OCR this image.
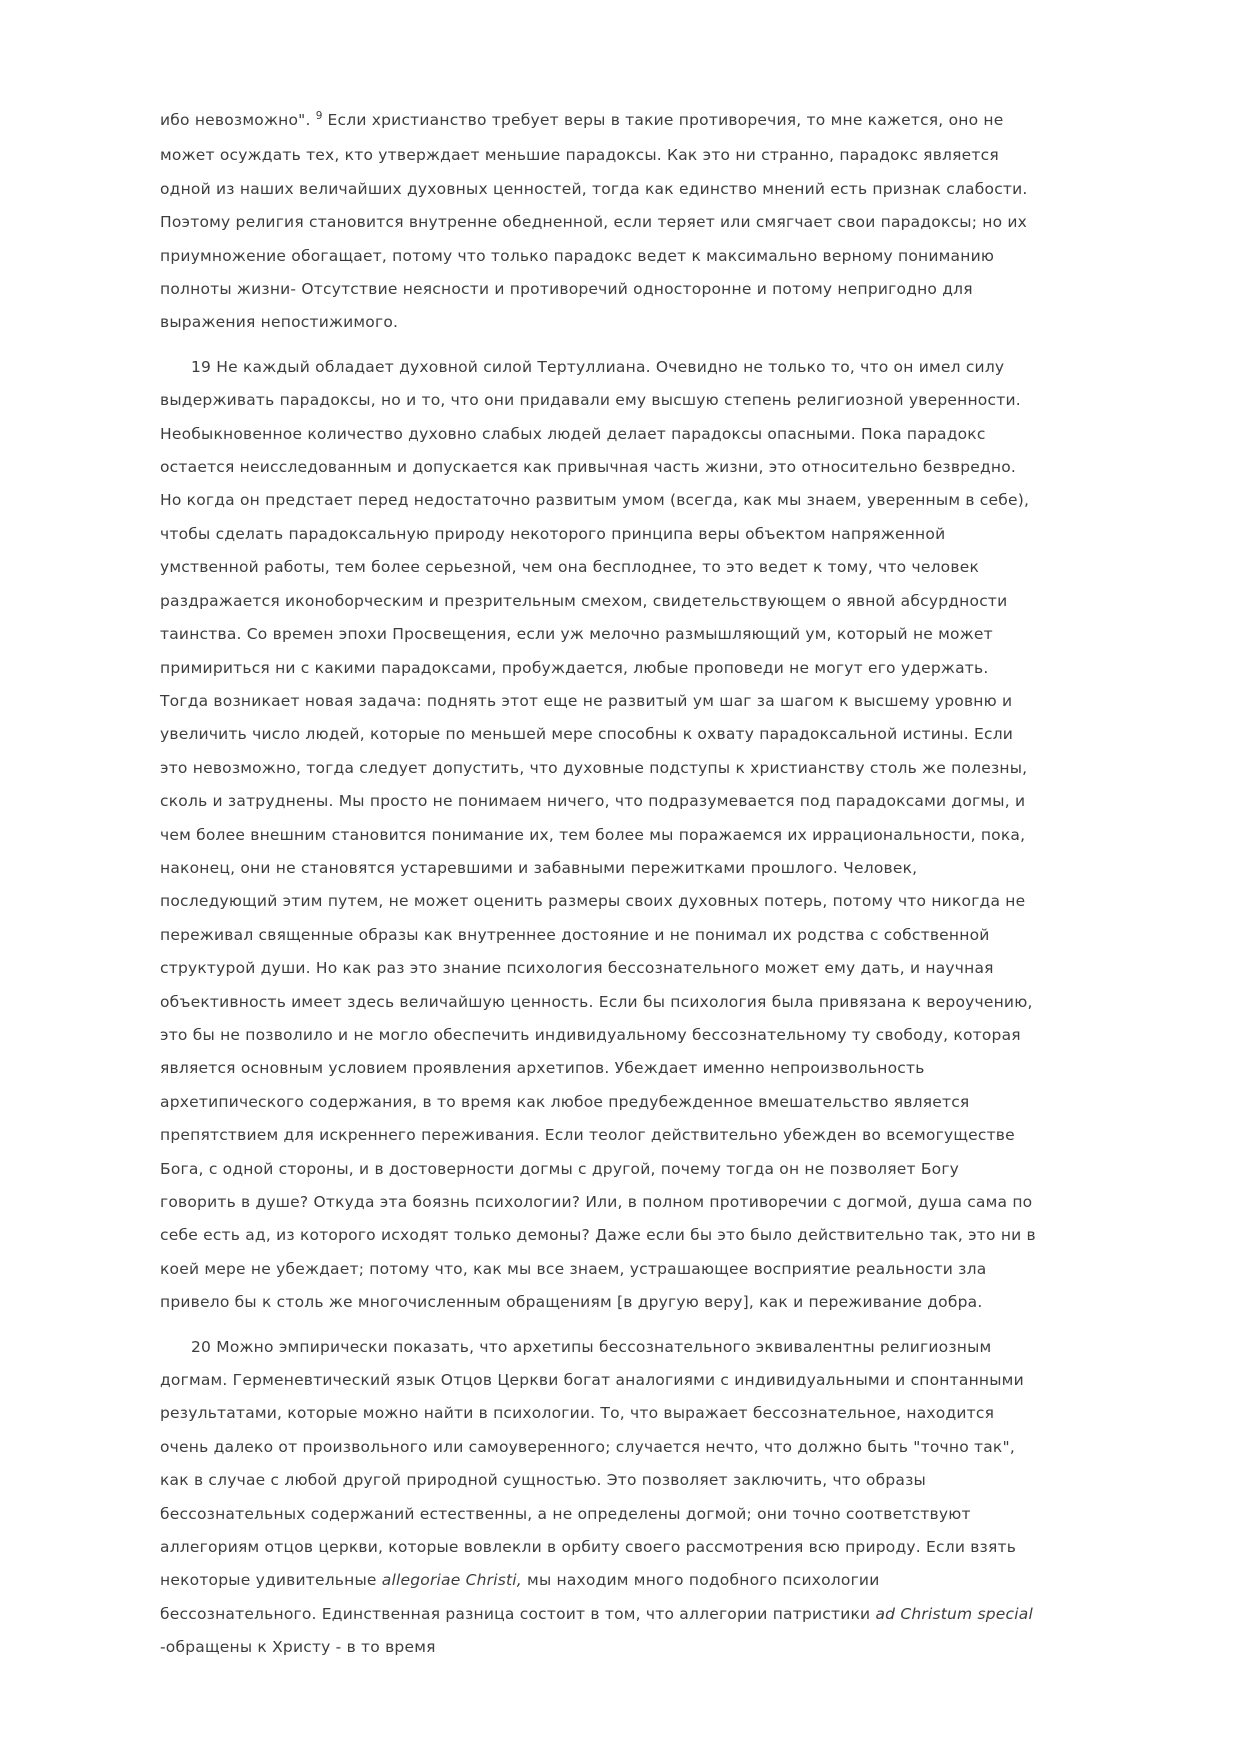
ибо невозможно". $^9$ Если христианство требует веры в такие противоречия, то мне кажется, оно не может осуждать тех, кто утверждает меньшие парадоксы. Как это ни странно, парадокс является одной из наших величайших духовных ценностей, тогда как единство мнений есть признак слабости. Поэтому религия становится внутренне обедненной, если теряет или смягчает свои парадоксы; но их приумножение обогащает, потому что только парадокс ведет к максимально верному пониманию полноты жизни- Отсутствие неясности и противоречий односторонне и потому непригодно для выражения непостижимого.

19 Не каждый обладает духовной силой Тертуллиана. Очевидно не только то, что он имел силу выдерживать парадоксы, но и то, что они придавали ему высшую степень религиозной уверенности. Необыкновенное количество духовно слабых людей делает парадоксы опасными. Пока парадокс остается неисследованным и допускается как привычная часть жизни, это относительно безвредно. Но когда он предстает перед недостаточно развитым умом (всегда, как мы знаем, уверенным в себе), чтобы сделать парадоксальную природу некоторого принципа веры объектом напряженной умственной работы, тем более серьезной, чем она бесплоднее, то это ведет к тому, что человек раздражается иконоборческим и презрительным смехом, свидетельствующем о явной абсурдности таинства. Со времен эпохи Просвещения, если уж мелочно размышляющий ум, который не может примириться ни с какими парадоксами, пробуждается, любые проповеди не могут его удержать. Тогда возникает новая задача: поднять этот еще не развитый ум шаг за шагом к высшему уровню и увеличить число людей, которые по меньшей мере способны к охвату парадоксальной истины. Если это невозможно, тогда следует допустить, что духовные подступы к христианству столь же полезны, сколь и затруднены. Мы просто не понимаем ничего, что подразумевается под парадоксами догмы, и чем более внешним становится понимание их, тем более мы поражаемся их иррациональности, пока, наконец, они не становятся устаревшими и забавными пережитками прошлого. Человек, последующий этим путем, не может оценить размеры своих духовных потерь, потому что никогда не переживал священные образы как внутреннее достояние и не понимал их родства с собственной структурой души. Но как раз это знание психология бессознательного может ему дать, и научная объективность имеет здесь величайшую ценность. Если бы психология была привязана к вероучению, это бы не позволило и не могло обеспечить индивидуальному бессознательному ту свободу, которая является основным условием проявления архетипов. Убеждает именно непроизвольность архетипического содержания, в то время как любое предубежденное вмешательство является препятствием для искреннего переживания. Если теолог действительно убежден во всемогуществе Бога, с одной стороны, и в достоверности догмы с другой, почему тогда он не позволяет Богу говорить в душе? Откуда эта боязнь психологии? Или, в полном противоречии с догмой, душа сама по себе есть ад, из которого исходят только демоны? Даже если бы это было действительно так, это ни в коей мере не убеждает; потому что, как мы все знаем, устрашающее восприятие реальности зла привело бы к столь же многочисленным обращениям [в другую веру], как и переживание добра.

20 Можно эмпирически показать, что архетипы бессознательного эквивалентны религиозным догмам. Герменевтический язык Отцов Церкви богат аналогиями с индивидуальными и спонтанными результатами, которые можно найти в психологии. То, что выражает бессознательное, находится очень далеко от произвольного или самоуверенного; случается нечто, что должно быть "точно так", как в случае с любой другой природной сущностью. Это позволяет заключить, что образы бессознательных содержаний естественны, а не определены догмой; они точно соответствуют аллегориям отцов церкви, которые вовлекли в орбиту своего рассмотрения всю природу. Если взять некоторые удивительные allegoriae Christi, мы находим много подобного психологии бессознательного. Единственная разница состоит в том, что аллегории патристики ad Christum special -обращены к Христу - в то время
